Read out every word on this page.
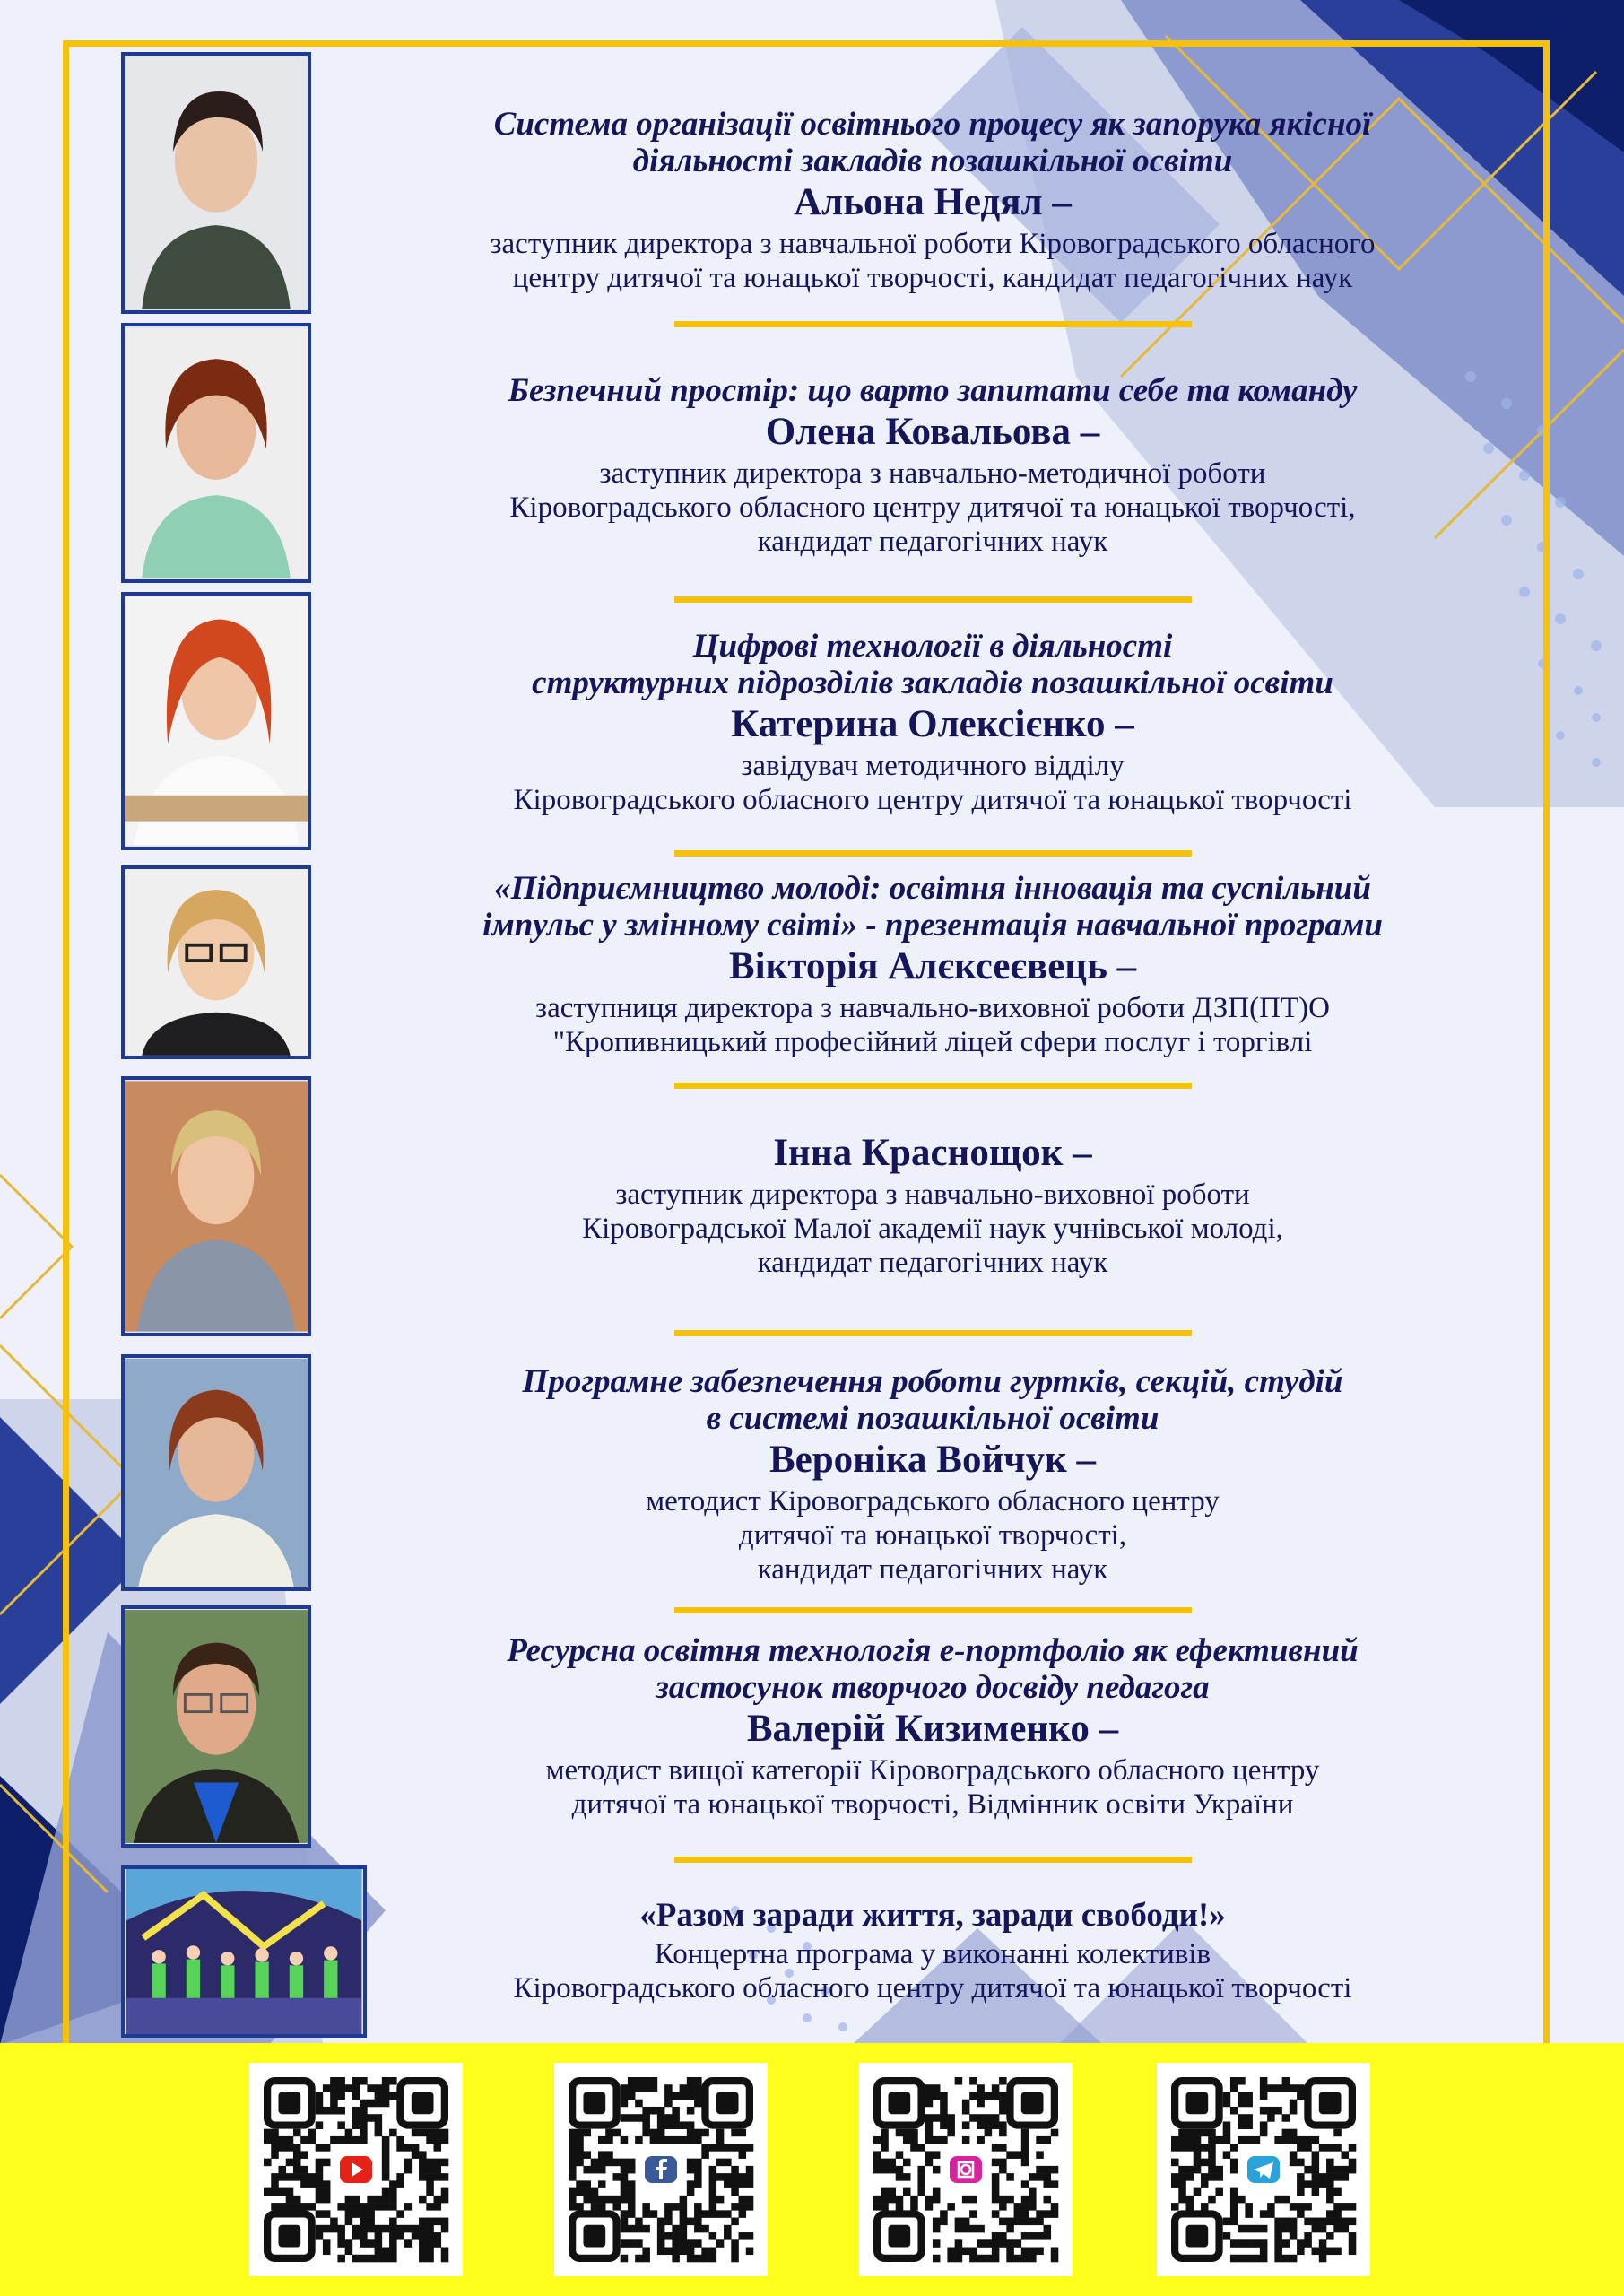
Система організації освітнього процесу як запорука якісної
діяльності закладів позашкільної освіти
Альона Недял –
заступник директора з навчальної роботи Кіровоградського обласного
центру дитячої та юнацької творчості, кандидат педагогічних наук
Безпечний простір: що варто запитати себе та команду
Олена Ковальова –
заступник директора з навчально-методичної роботи
Кіровоградського обласного центру дитячої та юнацької творчості,
кандидат педагогічних наук
Цифрові технології в діяльності
структурних підрозділів закладів позашкільної освіти
Катерина Олексієнко –
завідувач методичного відділу
Кіровоградського обласного центру дитячої та юнацької творчості
«Підприємництво молоді: освітня інновація та суспільний
імпульс у змінному світі» - презентація навчальної програми
Вікторія Алєксеєвець –
заступниця директора з навчально-виховної роботи ДЗП(ПТ)О
"Кропивницький професійний ліцей сфери послуг і торгівлі
Інна Краснощок –
заступник директора з навчально-виховної роботи
Кіровоградської Малої академії наук учнівської молоді,
кандидат педагогічних наук
Програмне забезпечення роботи гуртків, секцій, студій
в системі позашкільної освіти
Вероніка Войчук –
методист Кіровоградського обласного центру
дитячої та юнацької творчості,
кандидат педагогічних наук
Ресурсна освітня технологія е-портфоліо як ефективний
застосунок творчого досвіду педагога
Валерій Кизименко –
методист вищої категорії Кіровоградського обласного центру
дитячої та юнацької творчості, Відмінник освіти України
«Разом заради життя, заради свободи!»
Концертна програма у виконанні колективів
Кіровоградського обласного центру дитячої та юнацької творчості
